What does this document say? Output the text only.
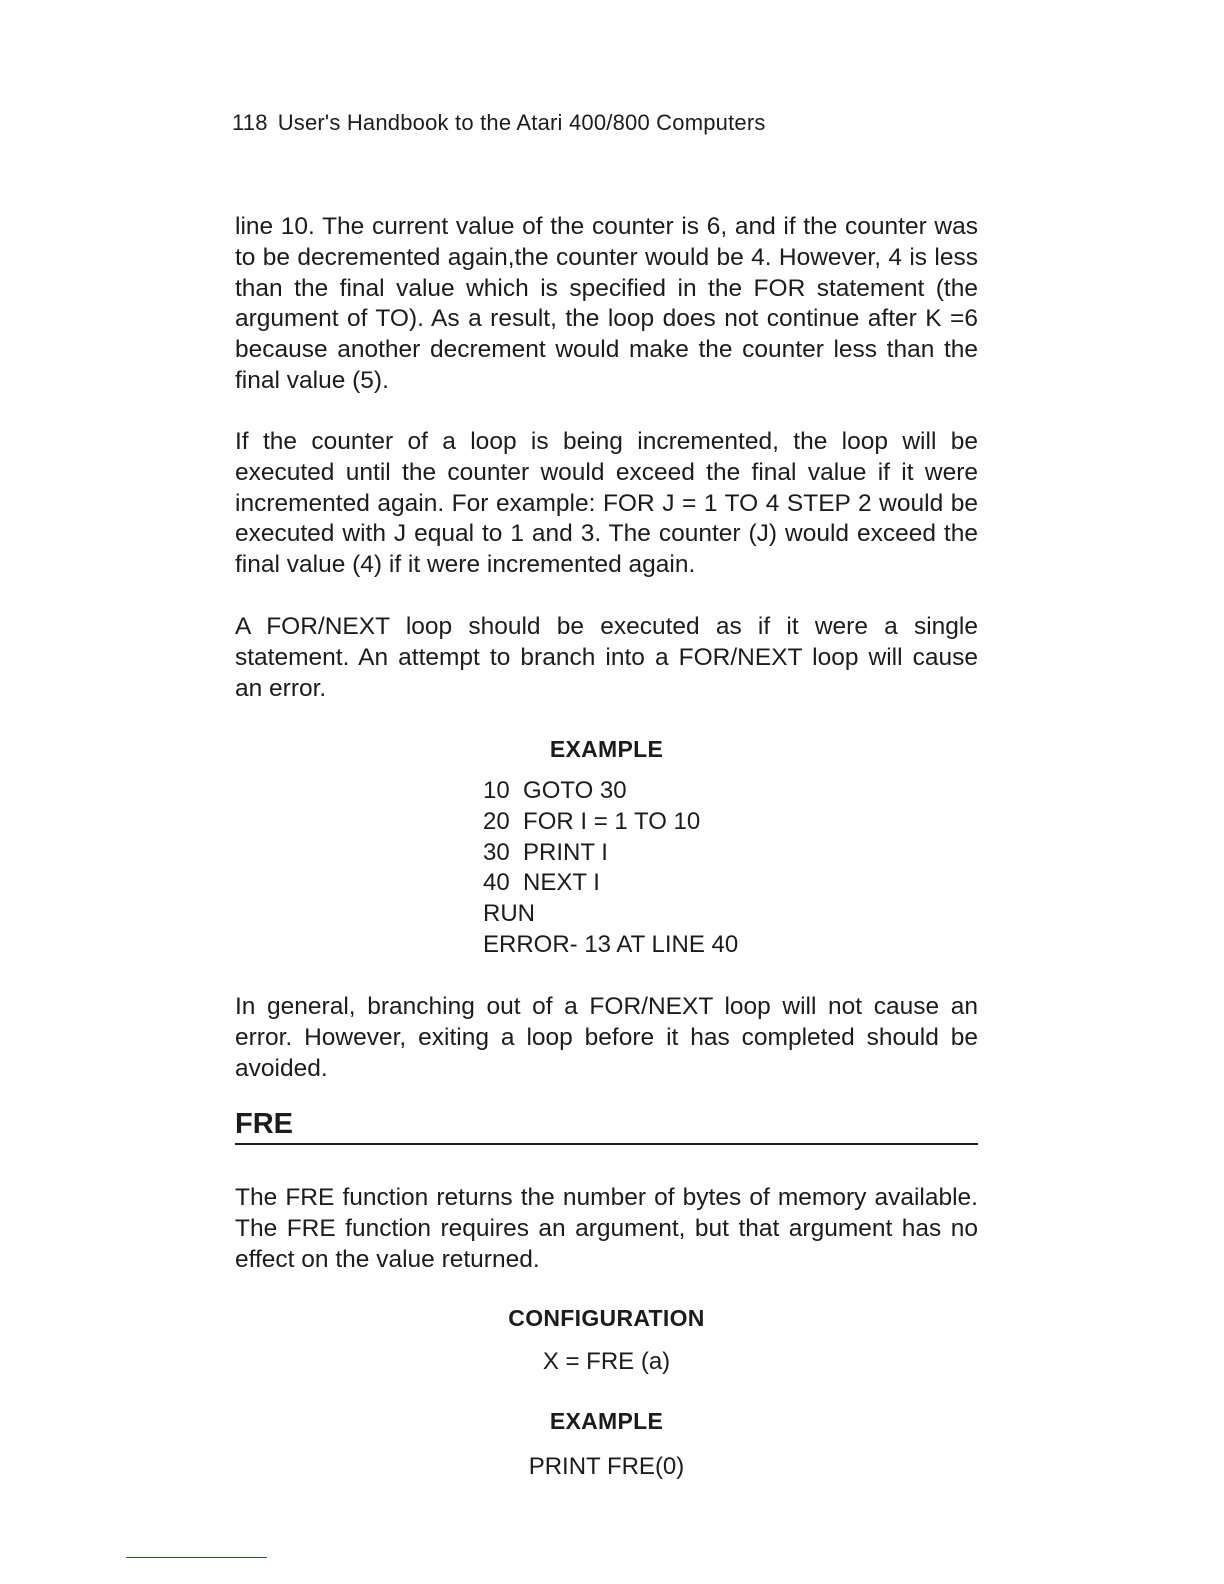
118 User's Handbook to the Atari 400/800 Computers

line 10. The current value of the counter is 6, and if the counter was to be decremented again,the counter would be 4. However, 4 is less than the final value which is specified in the FOR statement (the argument of TO). As a result, the loop does not continue after K =6 because another decrement would make the counter less than the final value (5).

If the counter of a loop is being incremented, the loop will be executed until the counter would exceed the final value if it were incremented again. For example: FOR J = 1 TO 4 STEP 2 would be executed with J equal to 1 and 3. The counter (J) would exceed the final value (4) if it were incremented again.

A FOR/NEXT loop should be executed as if it were a single statement. An attempt to branch into a FOR/NEXT loop will cause an error.

EXAMPLE
10  GOTO 30
20  FOR I = 1 TO 10
30  PRINT I
40  NEXT I
RUN
ERROR- 13 AT LINE 40

In general, branching out of a FOR/NEXT loop will not cause an error. However, exiting a loop before it has completed should be avoided.

FRE

The FRE function returns the number of bytes of memory available. The FRE function requires an argument, but that argument has no effect on the value returned.

CONFIGURATION
X = FRE (a)
EXAMPLE
PRINT FRE(0)
